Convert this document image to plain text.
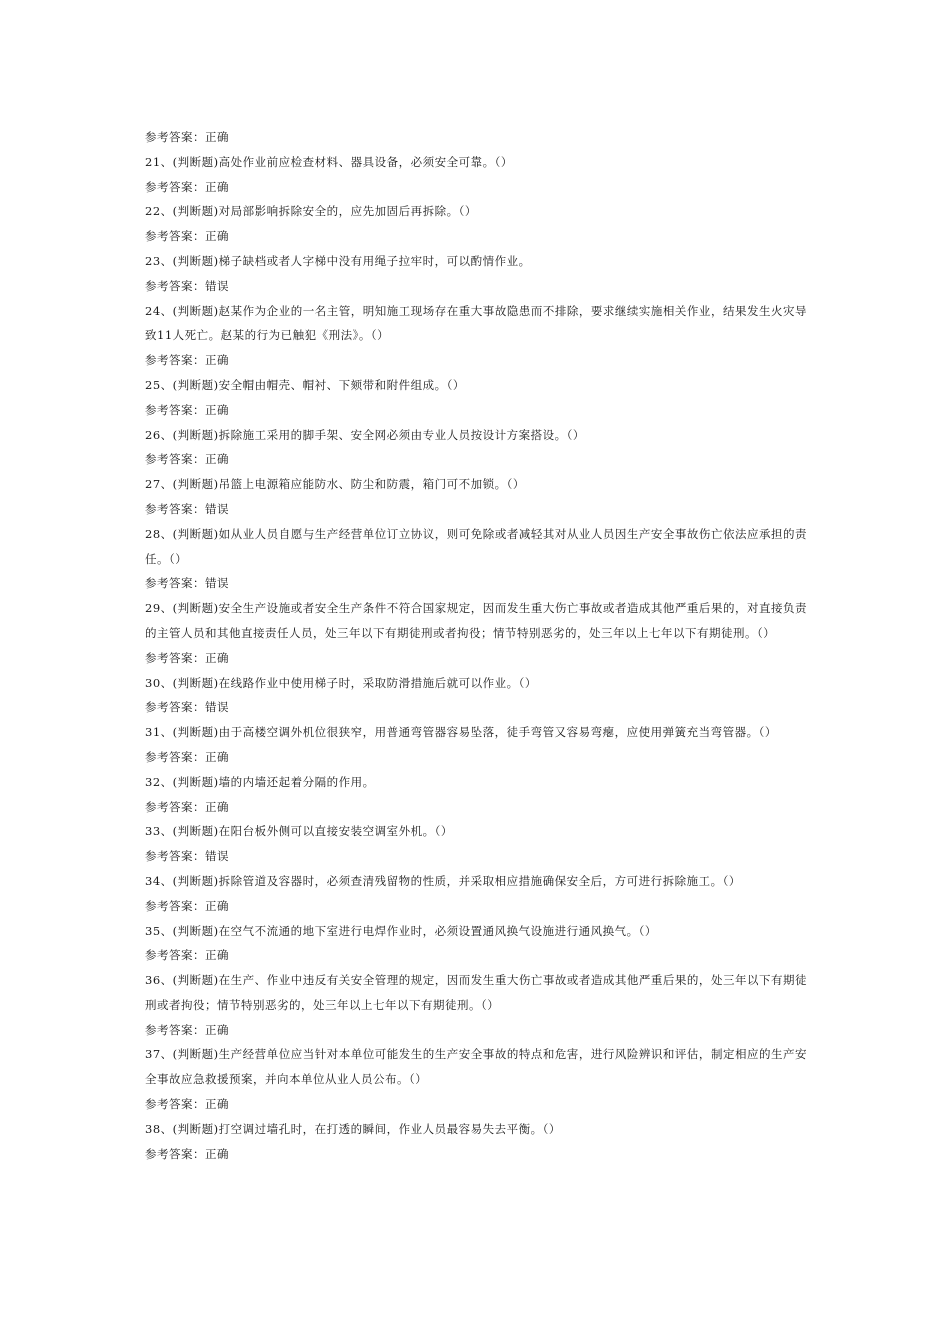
参考答案：正确

21、(判断题)高处作业前应检查材料、器具设备，必须安全可靠。（）

参考答案：正确

22、(判断题)对局部影响拆除安全的，应先加固后再拆除。（）

参考答案：正确

23、(判断题)梯子缺档或者人字梯中没有用绳子拉牢时，可以酌情作业。

参考答案：错误

24、(判断题)赵某作为企业的一名主管，明知施工现场存在重大事故隐患而不排除，要求继续实施相关作业，结果发生火灾导致11人死亡。赵某的行为已触犯《刑法》。（）

参考答案：正确

25、(判断题)安全帽由帽壳、帽衬、下颏带和附件组成。（）

参考答案：正确

26、(判断题)拆除施工采用的脚手架、安全网必须由专业人员按设计方案搭设。（）

参考答案：正确

27、(判断题)吊篮上电源箱应能防水、防尘和防震，箱门可不加锁。（）

参考答案：错误

28、(判断题)如从业人员自愿与生产经营单位订立协议，则可免除或者减轻其对从业人员因生产安全事故伤亡依法应承担的责任。（）

参考答案：错误

29、(判断题)安全生产设施或者安全生产条件不符合国家规定，因而发生重大伤亡事故或者造成其他严重后果的，对直接负责的主管人员和其他直接责任人员，处三年以下有期徒刑或者拘役；情节特别恶劣的，处三年以上七年以下有期徒刑。（）

参考答案：正确

30、(判断题)在线路作业中使用梯子时，采取防滑措施后就可以作业。（）

参考答案：错误

31、(判断题)由于高楼空调外机位很狭窄，用普通弯管器容易坠落，徒手弯管又容易弯瘪，应使用弹簧充当弯管器。（）

参考答案：正确

32、(判断题)墙的内墙还起着分隔的作用。

参考答案：正确

33、(判断题)在阳台板外侧可以直接安装空调室外机。（）

参考答案：错误

34、(判断题)拆除管道及容器时，必须查清残留物的性质，并采取相应措施确保安全后，方可进行拆除施工。（）

参考答案：正确

35、(判断题)在空气不流通的地下室进行电焊作业时，必须设置通风换气设施进行通风换气。（）

参考答案：正确

36、(判断题)在生产、作业中违反有关安全管理的规定，因而发生重大伤亡事故或者造成其他严重后果的，处三年以下有期徒刑或者拘役；情节特别恶劣的，处三年以上七年以下有期徒刑。（）

参考答案：正确

37、(判断题)生产经营单位应当针对本单位可能发生的生产安全事故的特点和危害，进行风险辨识和评估，制定相应的生产安全事故应急救援预案，并向本单位从业人员公布。（）

参考答案：正确

38、(判断题)打空调过墙孔时，在打透的瞬间，作业人员最容易失去平衡。（）

参考答案：正确
